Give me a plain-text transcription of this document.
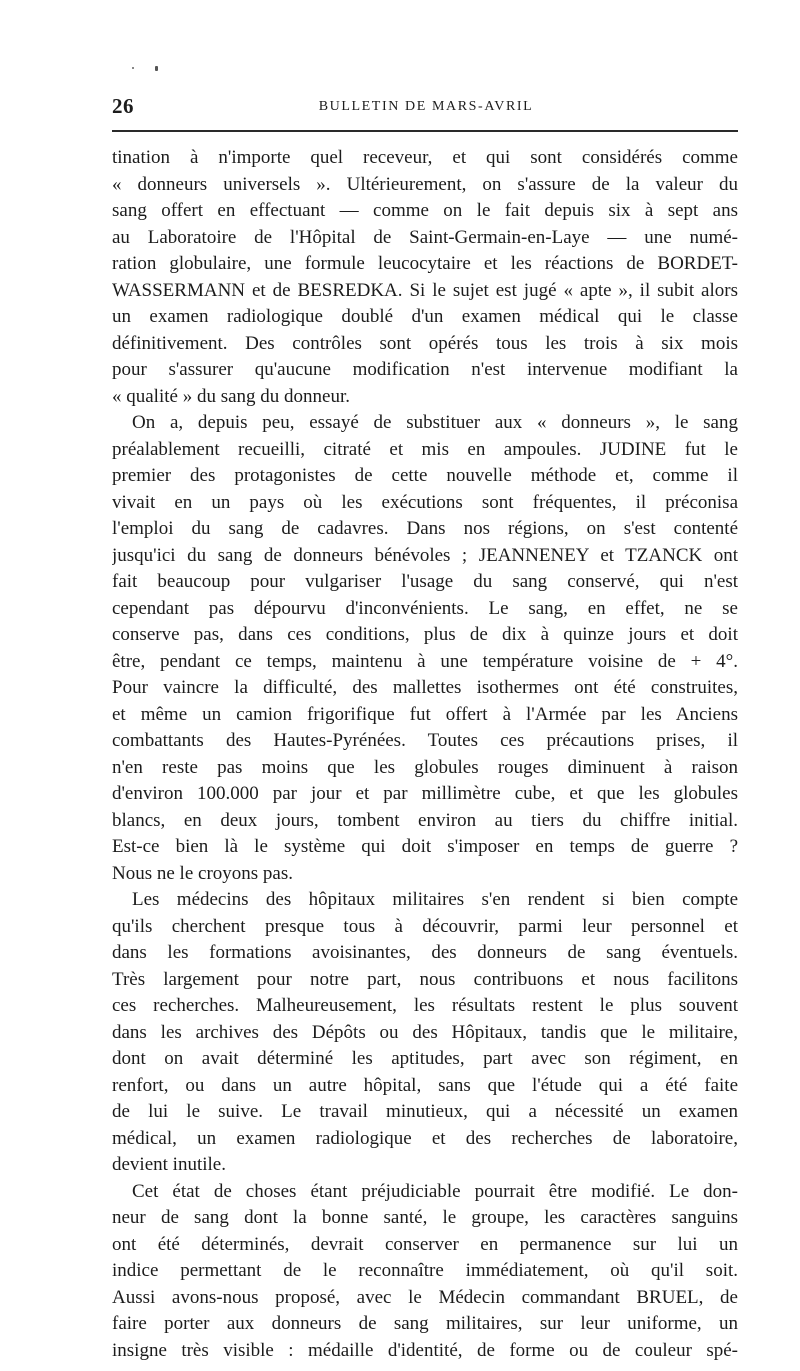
26	BULLETIN DE MARS-AVRIL
tination à n'importe quel receveur, et qui sont considérés comme
« donneurs universels ». Ultérieurement, on s'assure de la valeur du
sang offert en effectuant — comme on le fait depuis six à sept ans
au Laboratoire de l'Hôpital de Saint-Germain-en-Laye — une numé-
ration globulaire, une formule leucocytaire et les réactions de BORDET-
WASSERMANN et de BESREDKA. Si le sujet est jugé « apte », il subit alors
un examen radiologique doublé d'un examen médical qui le classe
définitivement. Des contrôles sont opérés tous les trois à six mois
pour s'assurer qu'aucune modification n'est intervenue modifiant la
« qualité » du sang du donneur.
On a, depuis peu, essayé de substituer aux « donneurs », le sang
préalablement recueilli, citraté et mis en ampoules. JUDINE fut le
premier des protagonistes de cette nouvelle méthode et, comme il
vivait en un pays où les exécutions sont fréquentes, il préconisa
l'emploi du sang de cadavres. Dans nos régions, on s'est contenté
jusqu'ici du sang de donneurs bénévoles ; JEANNENEY et TZANCK ont
fait beaucoup pour vulgariser l'usage du sang conservé, qui n'est
cependant pas dépourvu d'inconvénients. Le sang, en effet, ne se
conserve pas, dans ces conditions, plus de dix à quinze jours et doit
être, pendant ce temps, maintenu à une température voisine de + 4°.
Pour vaincre la difficulté, des mallettes isothermes ont été construites,
et même un camion frigorifique fut offert à l'Armée par les Anciens
combattants des Hautes-Pyrénées. Toutes ces précautions prises, il
n'en reste pas moins que les globules rouges diminuent à raison
d'environ 100.000 par jour et par millimètre cube, et que les globules
blancs, en deux jours, tombent environ au tiers du chiffre initial.
Est-ce bien là le système qui doit s'imposer en temps de guerre ?
Nous ne le croyons pas.
Les médecins des hôpitaux militaires s'en rendent si bien compte
qu'ils cherchent presque tous à découvrir, parmi leur personnel et
dans les formations avoisinantes, des donneurs de sang éventuels.
Très largement pour notre part, nous contribuons et nous facilitons
ces recherches. Malheureusement, les résultats restent le plus souvent
dans les archives des Dépôts ou des Hôpitaux, tandis que le militaire,
dont on avait déterminé les aptitudes, part avec son régiment, en
renfort, ou dans un autre hôpital, sans que l'étude qui a été faite
de lui le suive. Le travail minutieux, qui a nécessité un examen
médical, un examen radiologique et des recherches de laboratoire,
devient inutile.
Cet état de choses étant préjudiciable pourrait être modifié. Le don-
neur de sang dont la bonne santé, le groupe, les caractères sanguins
ont été déterminés, devrait conserver en permanence sur lui un
indice permettant de le reconnaître immédiatement, où qu'il soit.
Aussi avons-nous proposé, avec le Médecin commandant BRUEL, de
faire porter aux donneurs de sang militaires, sur leur uniforme, un
insigne très visible : médaille d'identité, de forme ou de couleur spé-
